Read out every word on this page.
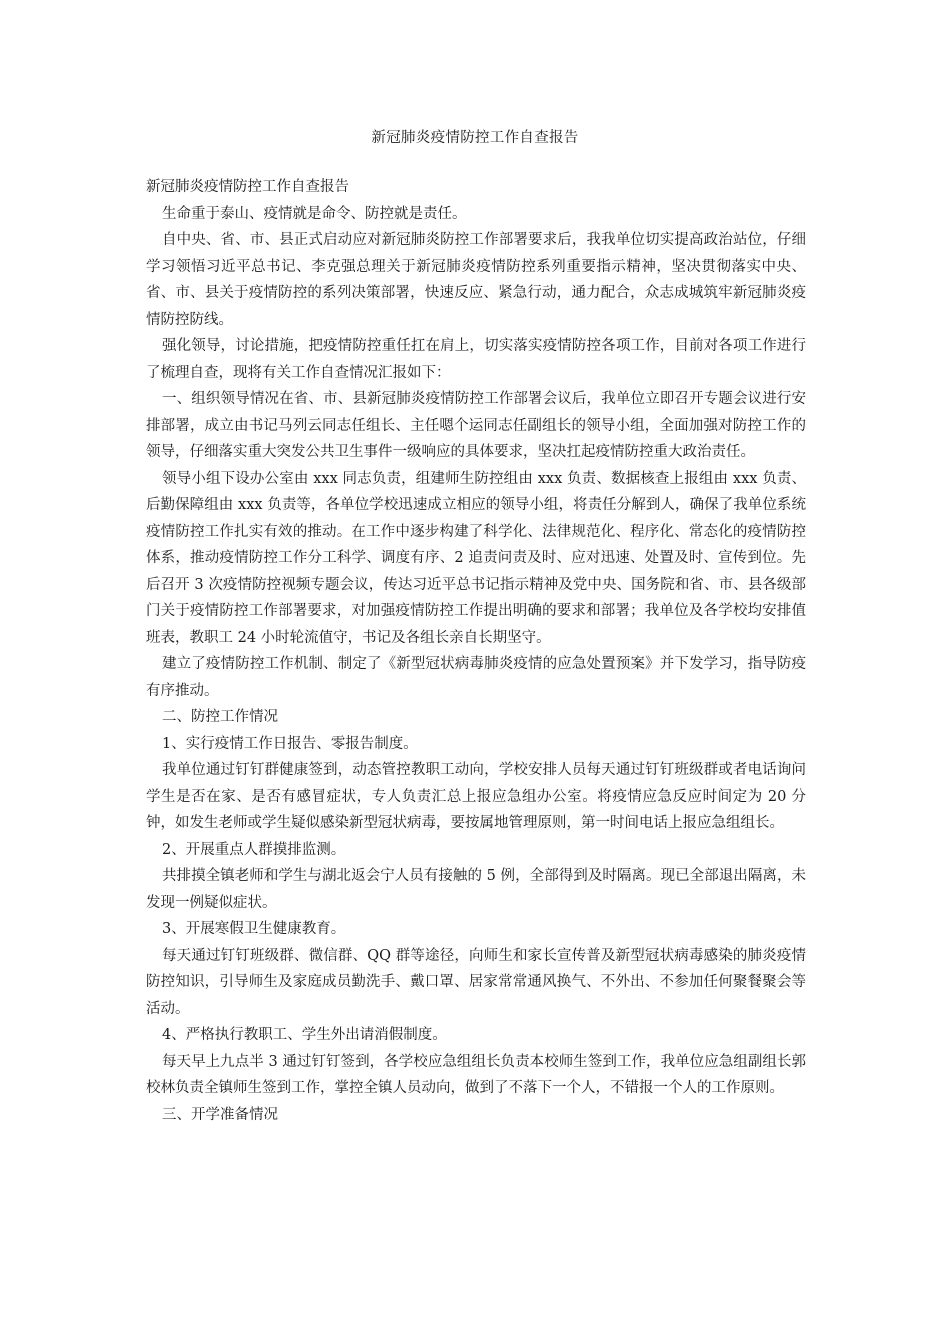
新冠肺炎疫情防控工作自查报告

新冠肺炎疫情防控工作自查报告

生命重于泰山、疫情就是命令、防控就是责任。

自中央、省、市、县正式启动应对新冠肺炎防控工作部署要求后，我我单位切实提高政治站位，仔细学习领悟习近平总书记、李克强总理关于新冠肺炎疫情防控系列重要指示精神，坚决贯彻落实中央、省、市、县关于疫情防控的系列决策部署，快速反应、紧急行动，通力配合，众志成城筑牢新冠肺炎疫情防控防线。

强化领导，讨论措施，把疫情防控重任扛在肩上，切实落实疫情防控各项工作，目前对各项工作进行了梳理自查，现将有关工作自查情况汇报如下：

一、组织领导情况在省、市、县新冠肺炎疫情防控工作部署会议后，我单位立即召开专题会议进行安排部署，成立由书记马列云同志任组长、主任嗯个运同志任副组长的领导小组，全面加强对防控工作的领导，仔细落实重大突发公共卫生事件一级响应的具体要求，坚决扛起疫情防控重大政治责任。

领导小组下设办公室由 xxx 同志负责，组建师生防控组由 xxx 负责、数据核查上报组由 xxx 负责、后勤保障组由 xxx 负责等，各单位学校迅速成立相应的领导小组，将责任分解到人，确保了我单位系统疫情防控工作扎实有效的推动。在工作中逐步构建了科学化、法律规范化、程序化、常态化的疫情防控体系，推动疫情防控工作分工科学、调度有序、2 追责问责及时、应对迅速、处置及时、宣传到位。先后召开 3 次疫情防控视频专题会议，传达习近平总书记指示精神及党中央、国务院和省、市、县各级部门关于疫情防控工作部署要求，对加强疫情防控工作提出明确的要求和部署；我单位及各学校均安排值班表，教职工 24 小时轮流值守，书记及各组长亲自长期坚守。

建立了疫情防控工作机制、制定了《新型冠状病毒肺炎疫情的应急处置预案》并下发学习，指导防疫有序推动。

二、防控工作情况

1、实行疫情工作日报告、零报告制度。

我单位通过钉钉群健康签到，动态管控教职工动向，学校安排人员每天通过钉钉班级群或者电话询问学生是否在家、是否有感冒症状，专人负责汇总上报应急组办公室。将疫情应急反应时间定为 20 分钟，如发生老师或学生疑似感染新型冠状病毒，要按属地管理原则，第一时间电话上报应急组组长。

2、开展重点人群摸排监测。

共排摸全镇老师和学生与湖北返会宁人员有接触的 5 例，全部得到及时隔离。现已全部退出隔离，未发现一例疑似症状。

3、开展寒假卫生健康教育。

每天通过钉钉班级群、微信群、QQ 群等途径，向师生和家长宣传普及新型冠状病毒感染的肺炎疫情防控知识，引导师生及家庭成员勤洗手、戴口罩、居家常常通风换气、不外出、不参加任何聚餐聚会等活动。

4、严格执行教职工、学生外出请消假制度。

每天早上九点半 3 通过钉钉签到，各学校应急组组长负责本校师生签到工作，我单位应急组副组长郭校林负责全镇师生签到工作，掌控全镇人员动向，做到了不落下一个人，不错报一个人的工作原则。

三、开学准备情况
